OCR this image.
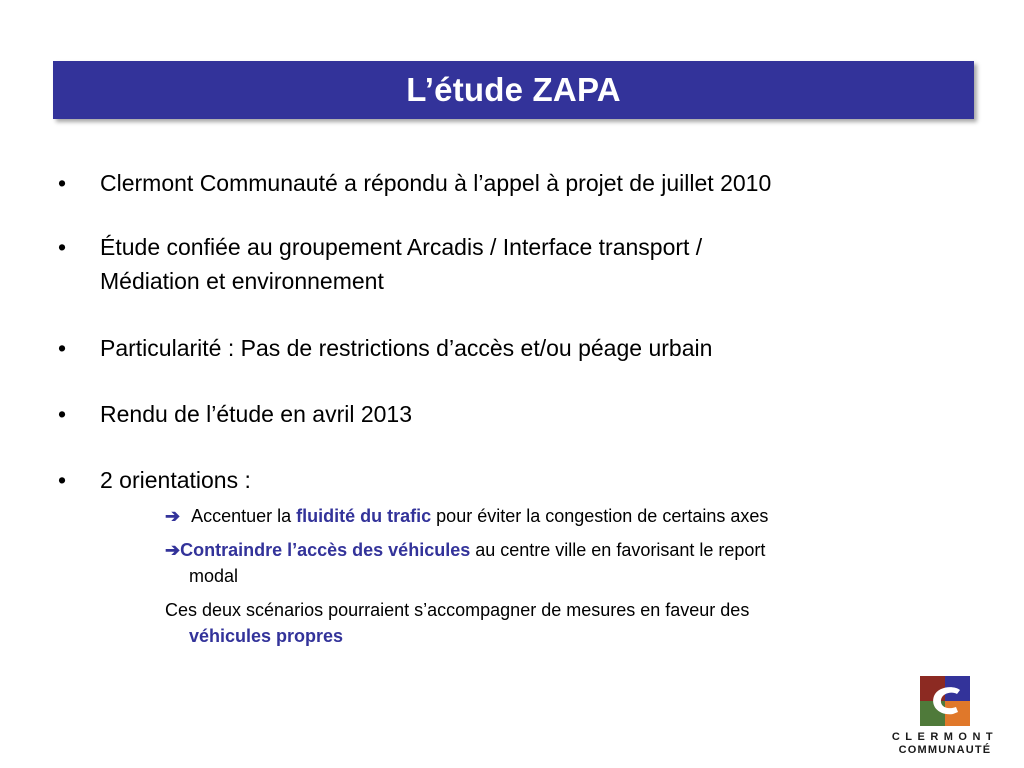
L’étude ZAPA
• Clermont Communauté a répondu à l’appel à projet de juillet 2010
• Étude confiée au groupement Arcadis / Interface transport /
Médiation et environnement
• Particularité : Pas de restrictions d’accès et/ou péage urbain
• Rendu de l’étude en avril 2013
• 2 orientations :
➔ Accentuer la fluidité du trafic pour éviter la congestion de certains axes
➔Contraindre l’accès des véhicules au centre ville en favorisant le report
modal
Ces deux scénarios pourraient s’accompagner de mesures en faveur des
véhicules propres
CLERMONT
COMMUNAUTÉ
